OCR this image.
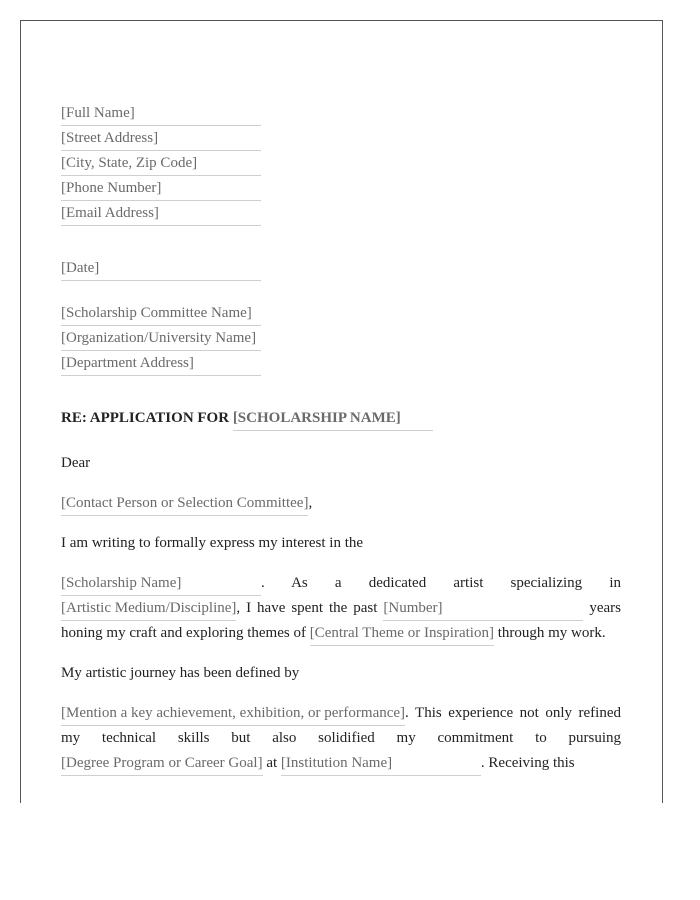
[Full Name]
[Street Address]
[City, State, Zip Code]
[Phone Number]
[Email Address]
[Date]
[Scholarship Committee Name]
[Organization/University Name]
[Department Address]
RE: APPLICATION FOR [SCHOLARSHIP NAME]
Dear
[Contact Person or Selection Committee],
I am writing to formally express my interest in the
[Scholarship Name]	. As a dedicated artist specializing in [Artistic Medium/Discipline], I have spent the past [Number]	years honing my craft and exploring themes of [Central Theme or Inspiration] through my work.
My artistic journey has been defined by
[Mention a key achievement, exhibition, or performance]. This experience not only refined my technical skills but also solidified my commitment to pursuing [Degree Program or Career Goal] at [Institution Name]	. Receiving this
